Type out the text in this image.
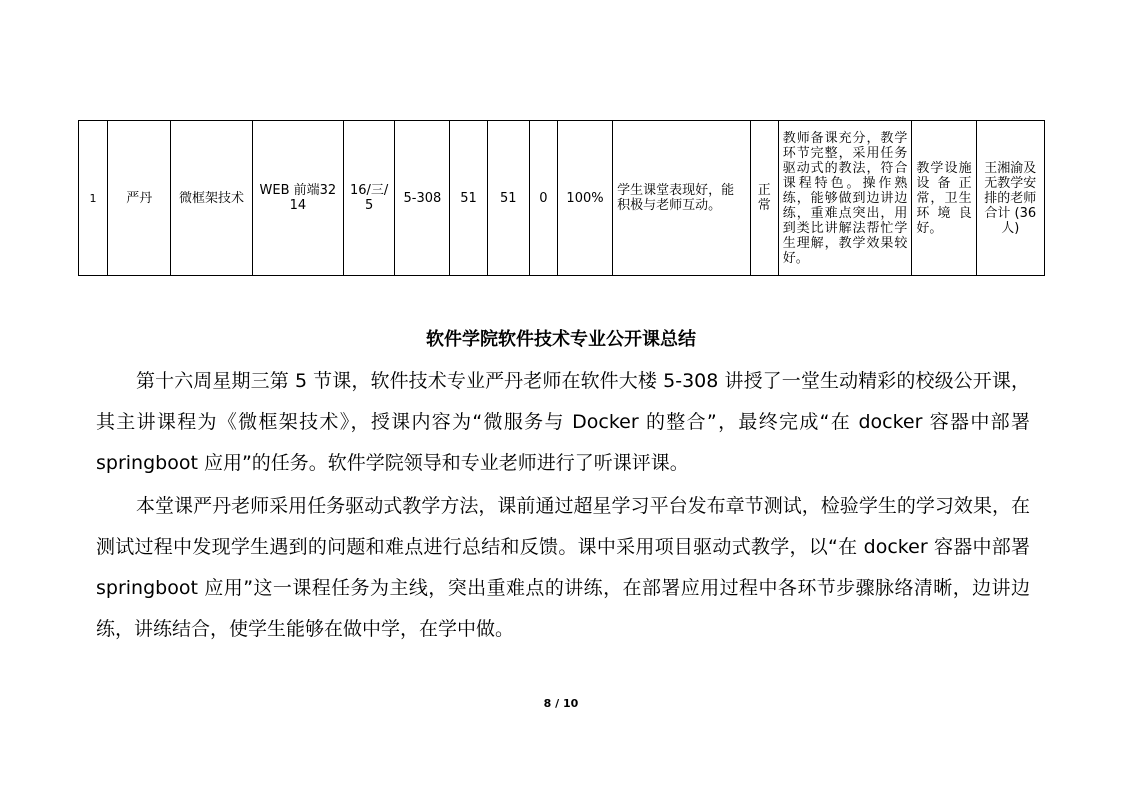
1	严丹	微框架技术	WEB 前端3214	16/三/5	5-308	51	51	0	100%	学生课堂表现好，能积极与老师互动。	正常	教师备课充分，教学环节完整，采用任务驱动式的教法，符合课程特色。操作熟练，能够做到边讲边练，重难点突出，用到类比讲解法帮忙学生理解，教学效果较好。	教学设施设备正常，卫生环境良好。	王湘渝及无教学安排的老师合计 (36 人)
软件学院软件技术专业公开课总结

第十六周星期三第 5 节课，软件技术专业严丹老师在软件大楼 5-308 讲授了一堂生动精彩的校级公开课，其主讲课程为《微框架技术》，授课内容为“微服务与 Docker 的整合”，最终完成“在 docker 容器中部署 springboot 应用”的任务。软件学院领导和专业老师进行了听课评课。

本堂课严丹老师采用任务驱动式教学方法，课前通过超星学习平台发布章节测试，检验学生的学习效果，在测试过程中发现学生遇到的问题和难点进行总结和反馈。课中采用项目驱动式教学，以“在 docker 容器中部署 springboot 应用”这一课程任务为主线，突出重难点的讲练，在部署应用过程中各环节步骤脉络清晰，边讲边练，讲练结合，使学生能够在做中学，在学中做。

8 / 10
